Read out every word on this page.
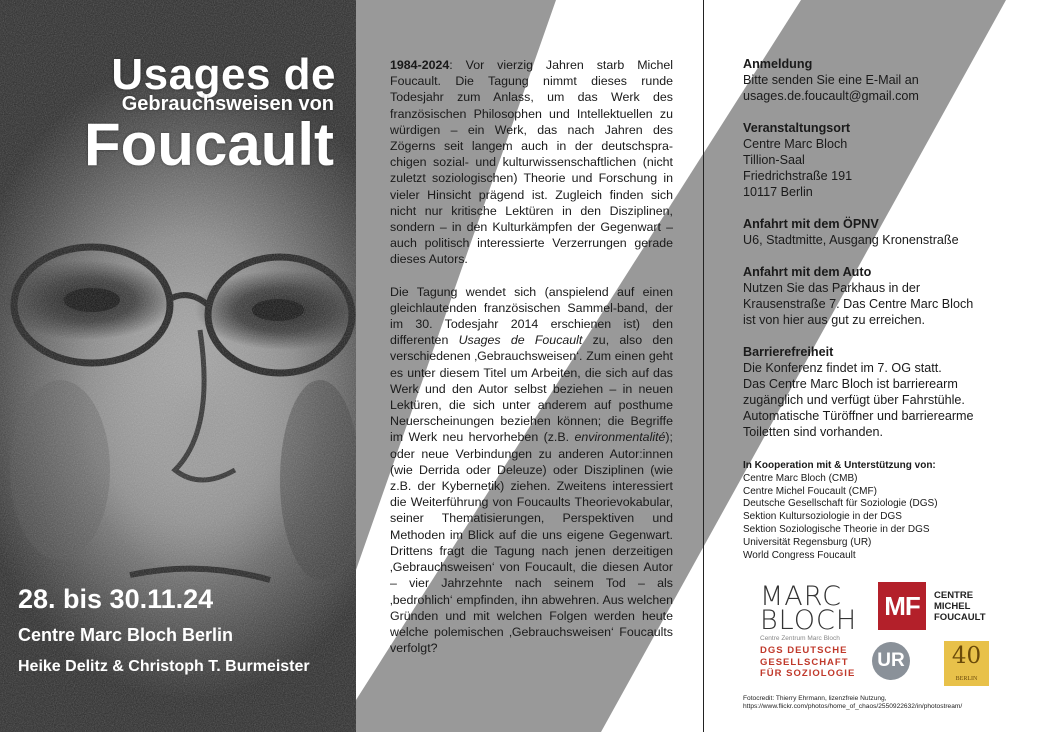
Usages de
Gebrauchsweisen von
Foucault
28. bis 30.11.24
Centre Marc Bloch Berlin
Heike Delitz & Christoph T. Burmeister

1984-2024: Vor vierzig Jahren starb Michel Foucault. Die Tagung nimmt dieses runde Todesjahr zum Anlass, um das Werk des französischen Philosophen und Intellektuellen zu würdigen – ein Werk, das nach Jahren des Zögerns seit langem auch in der deutschsprachigen sozial- und kulturwissenschaftlichen (nicht zuletzt soziologischen) Theorie und Forschung in vieler Hinsicht prägend ist. Zugleich finden sich nicht nur kritische Lektüren in den Disziplinen, sondern – in den Kulturkämpfen der Gegenwart – auch politisch interessierte Verzerrungen gerade dieses Autors.

Die Tagung wendet sich (anspielend auf einen gleichlautenden französischen Sammel-band, der im 30. Todesjahr 2014 erschienen ist) den differenten Usages de Foucault zu, also den verschiedenen ‚Gebrauchsweisen‘. Zum einen geht es unter diesem Titel um Arbeiten, die sich auf das Werk und den Autor selbst beziehen – in neuen Lektüren, die sich unter anderem auf posthume Neuerscheinungen beziehen können; die Begriffe im Werk neu hervorheben (z.B. environmentalité); oder neue Verbindungen zu anderen Autor:innen (wie Derrida oder Deleuze) oder Disziplinen (wie z.B. der Kybernetik) ziehen. Zweitens interessiert die Weiterführung von Foucaults Theorievokabular, seiner Thematisierungen, Perspektiven und Methoden im Blick auf die uns eigene Gegenwart. Drittens fragt die Tagung nach jenen derzeitigen ‚Gebrauchsweisen‘ von Foucault, die diesen Autor – vier Jahrzehnte nach seinem Tod – als ‚bedrohlich‘ empfinden, ihn abwehren. Aus welchen Gründen und mit welchen Folgen werden heute welche polemischen ‚Gebrauchsweisen‘ Foucaults verfolgt?

Anmeldung
Bitte senden Sie eine E-Mail an
usages.de.foucault@gmail.com
Veranstaltungsort
Centre Marc Bloch
Tillion-Saal
Friedrichstraße 191
10117 Berlin
Anfahrt mit dem ÖPNV
U6, Stadtmitte, Ausgang Kronenstraße
Anfahrt mit dem Auto
Nutzen Sie das Parkhaus in der
Krausenstraße 7. Das Centre Marc Bloch
ist von hier aus gut zu erreichen.
Barrierefreiheit
Die Konferenz findet im 7. OG statt.
Das Centre Marc Bloch ist barrierearm
zugänglich und verfügt über Fahrstühle.
Automatische Türöffner und barrierearme
Toiletten sind vorhanden.
In Kooperation mit & Unterstützung von:
Centre Marc Bloch (CMB)
Centre Michel Foucault (CMF)
Deutsche Gesellschaft für Soziologie (DGS)
Sektion Kultursoziologie in der DGS
Sektion Soziologische Theorie in der DGS
Universität Regensburg (UR)
World Congress Foucault
MARC
BLOCH
Centre Zentrum Marc Bloch
MF	CENTRE
MICHEL
FOUCAULT
DGS DEUTSCHE
GESELLSCHAFT
FÜR SOZIOLOGIE
UR 40
BERLIN
Fotocredit: Thierry Ehrmann, lizenzfreie Nutzung,
https://www.flickr.com/photos/home_of_chaos/2550922632/in/photostream/
